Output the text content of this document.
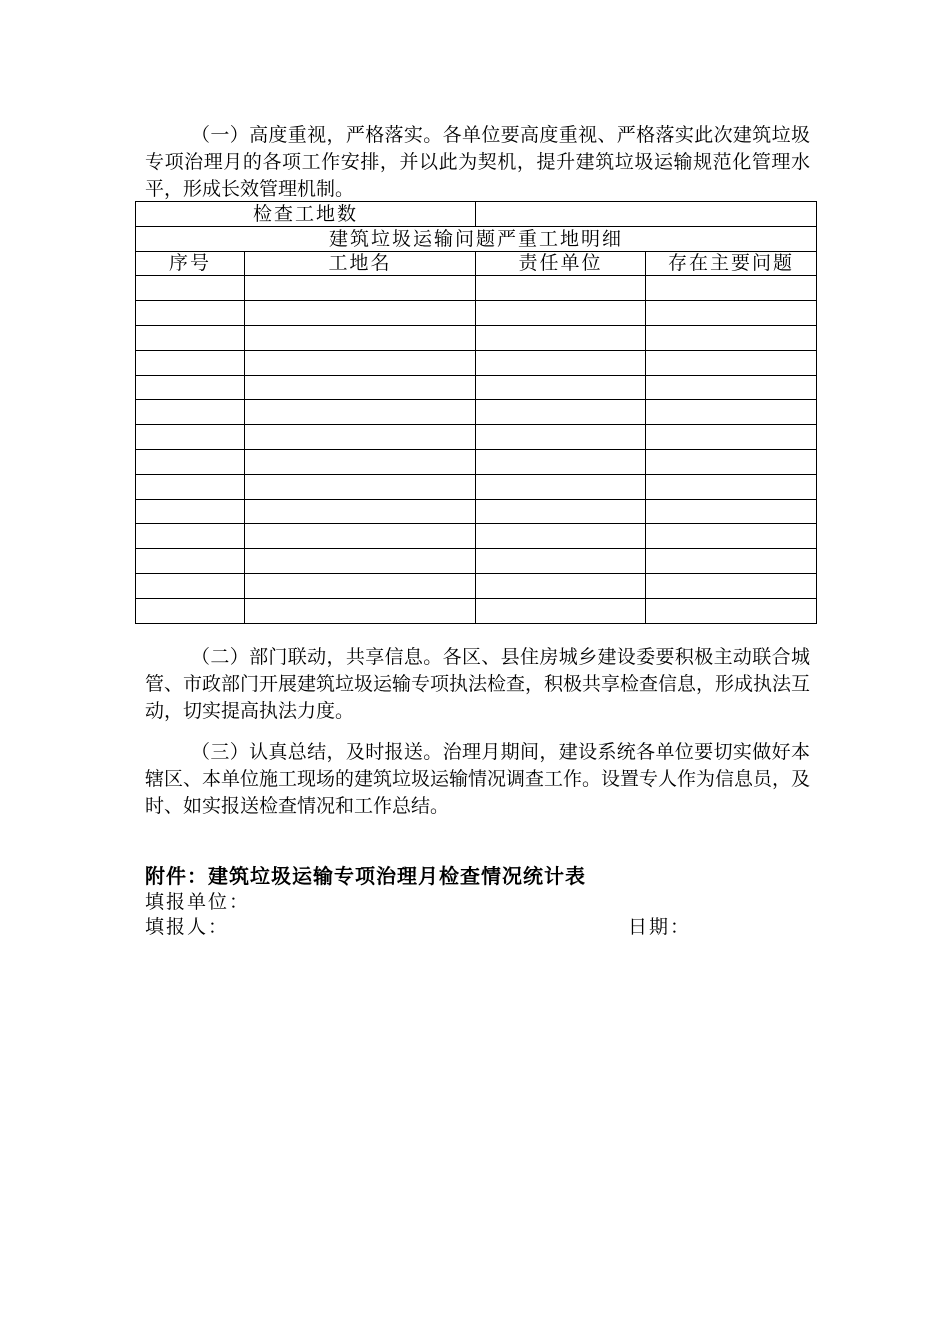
（一）高度重视，严格落实。各单位要高度重视、严格落实此次建筑垃圾专项治理月的各项工作安排，并以此为契机，提升建筑垃圾运输规范化管理水平，形成长效管理机制。

检查工地数			
建筑垃圾运输问题严重工地明细			
序号	工地名	责任单位	存在主要问题

（二）部门联动，共享信息。各区、县住房城乡建设委要积极主动联合城管、市政部门开展建筑垃圾运输专项执法检查，积极共享检查信息，形成执法互动，切实提高执法力度。

（三）认真总结，及时报送。治理月期间，建设系统各单位要切实做好本辖区、本单位施工现场的建筑垃圾运输情况调查工作。设置专人作为信息员，及时、如实报送检查情况和工作总结。

附件：建筑垃圾运输专项治理月检查情况统计表

填报单位：

填报人：	日期：
